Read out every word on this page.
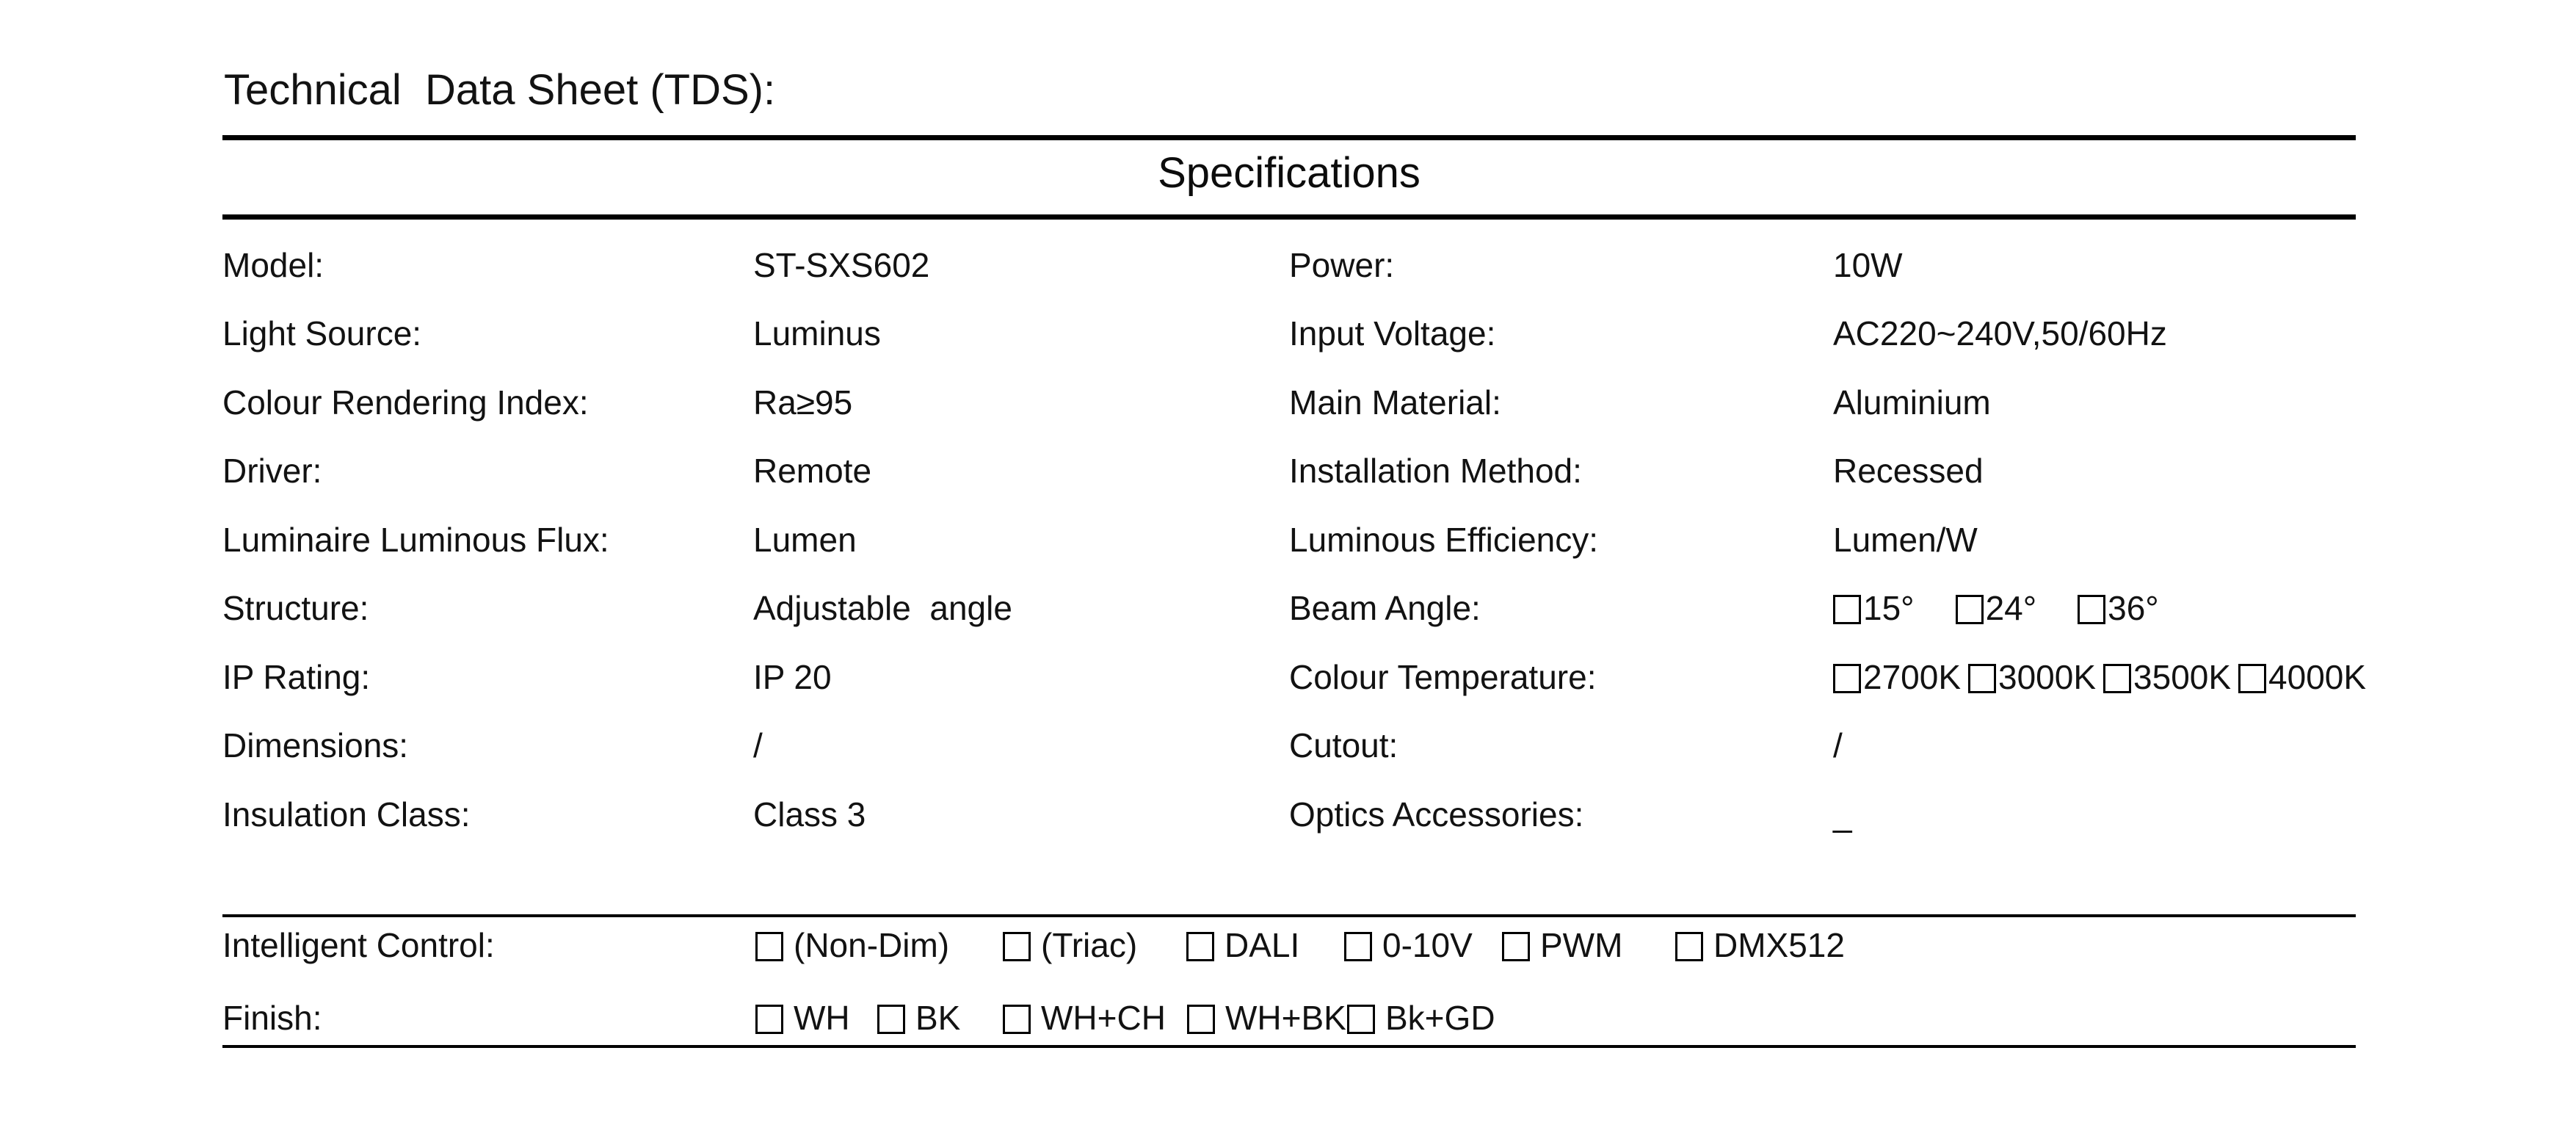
Technical  Data Sheet (TDS):
Specifications
Model:	ST-SXS602	Power:	10W
Light Source:	Luminus	Input Voltage:	AC220~240V,50/60Hz
Colour Rendering Index:	Ra≥95	Main Material:	Aluminium
Driver:	Remote	Installation Method:	Recessed
Luminaire Luminous Flux:	Lumen	Luminous Efficiency:	Lumen/W
Structure:	Adjustable  angle	Beam Angle:	15°	24°	36°
IP Rating:	IP 20	Colour Temperature:	2700K	3000K	3500K	4000K
Dimensions:	/	Cutout:	/
Insulation Class:	Class 3	Optics Accessories:	_
Intelligent Control:	(Non-Dim)	(Triac)	DALI	0-10V	PWM	DMX512
Finish:	WH	BK	WH+CH	WH+BK	Bk+GD
